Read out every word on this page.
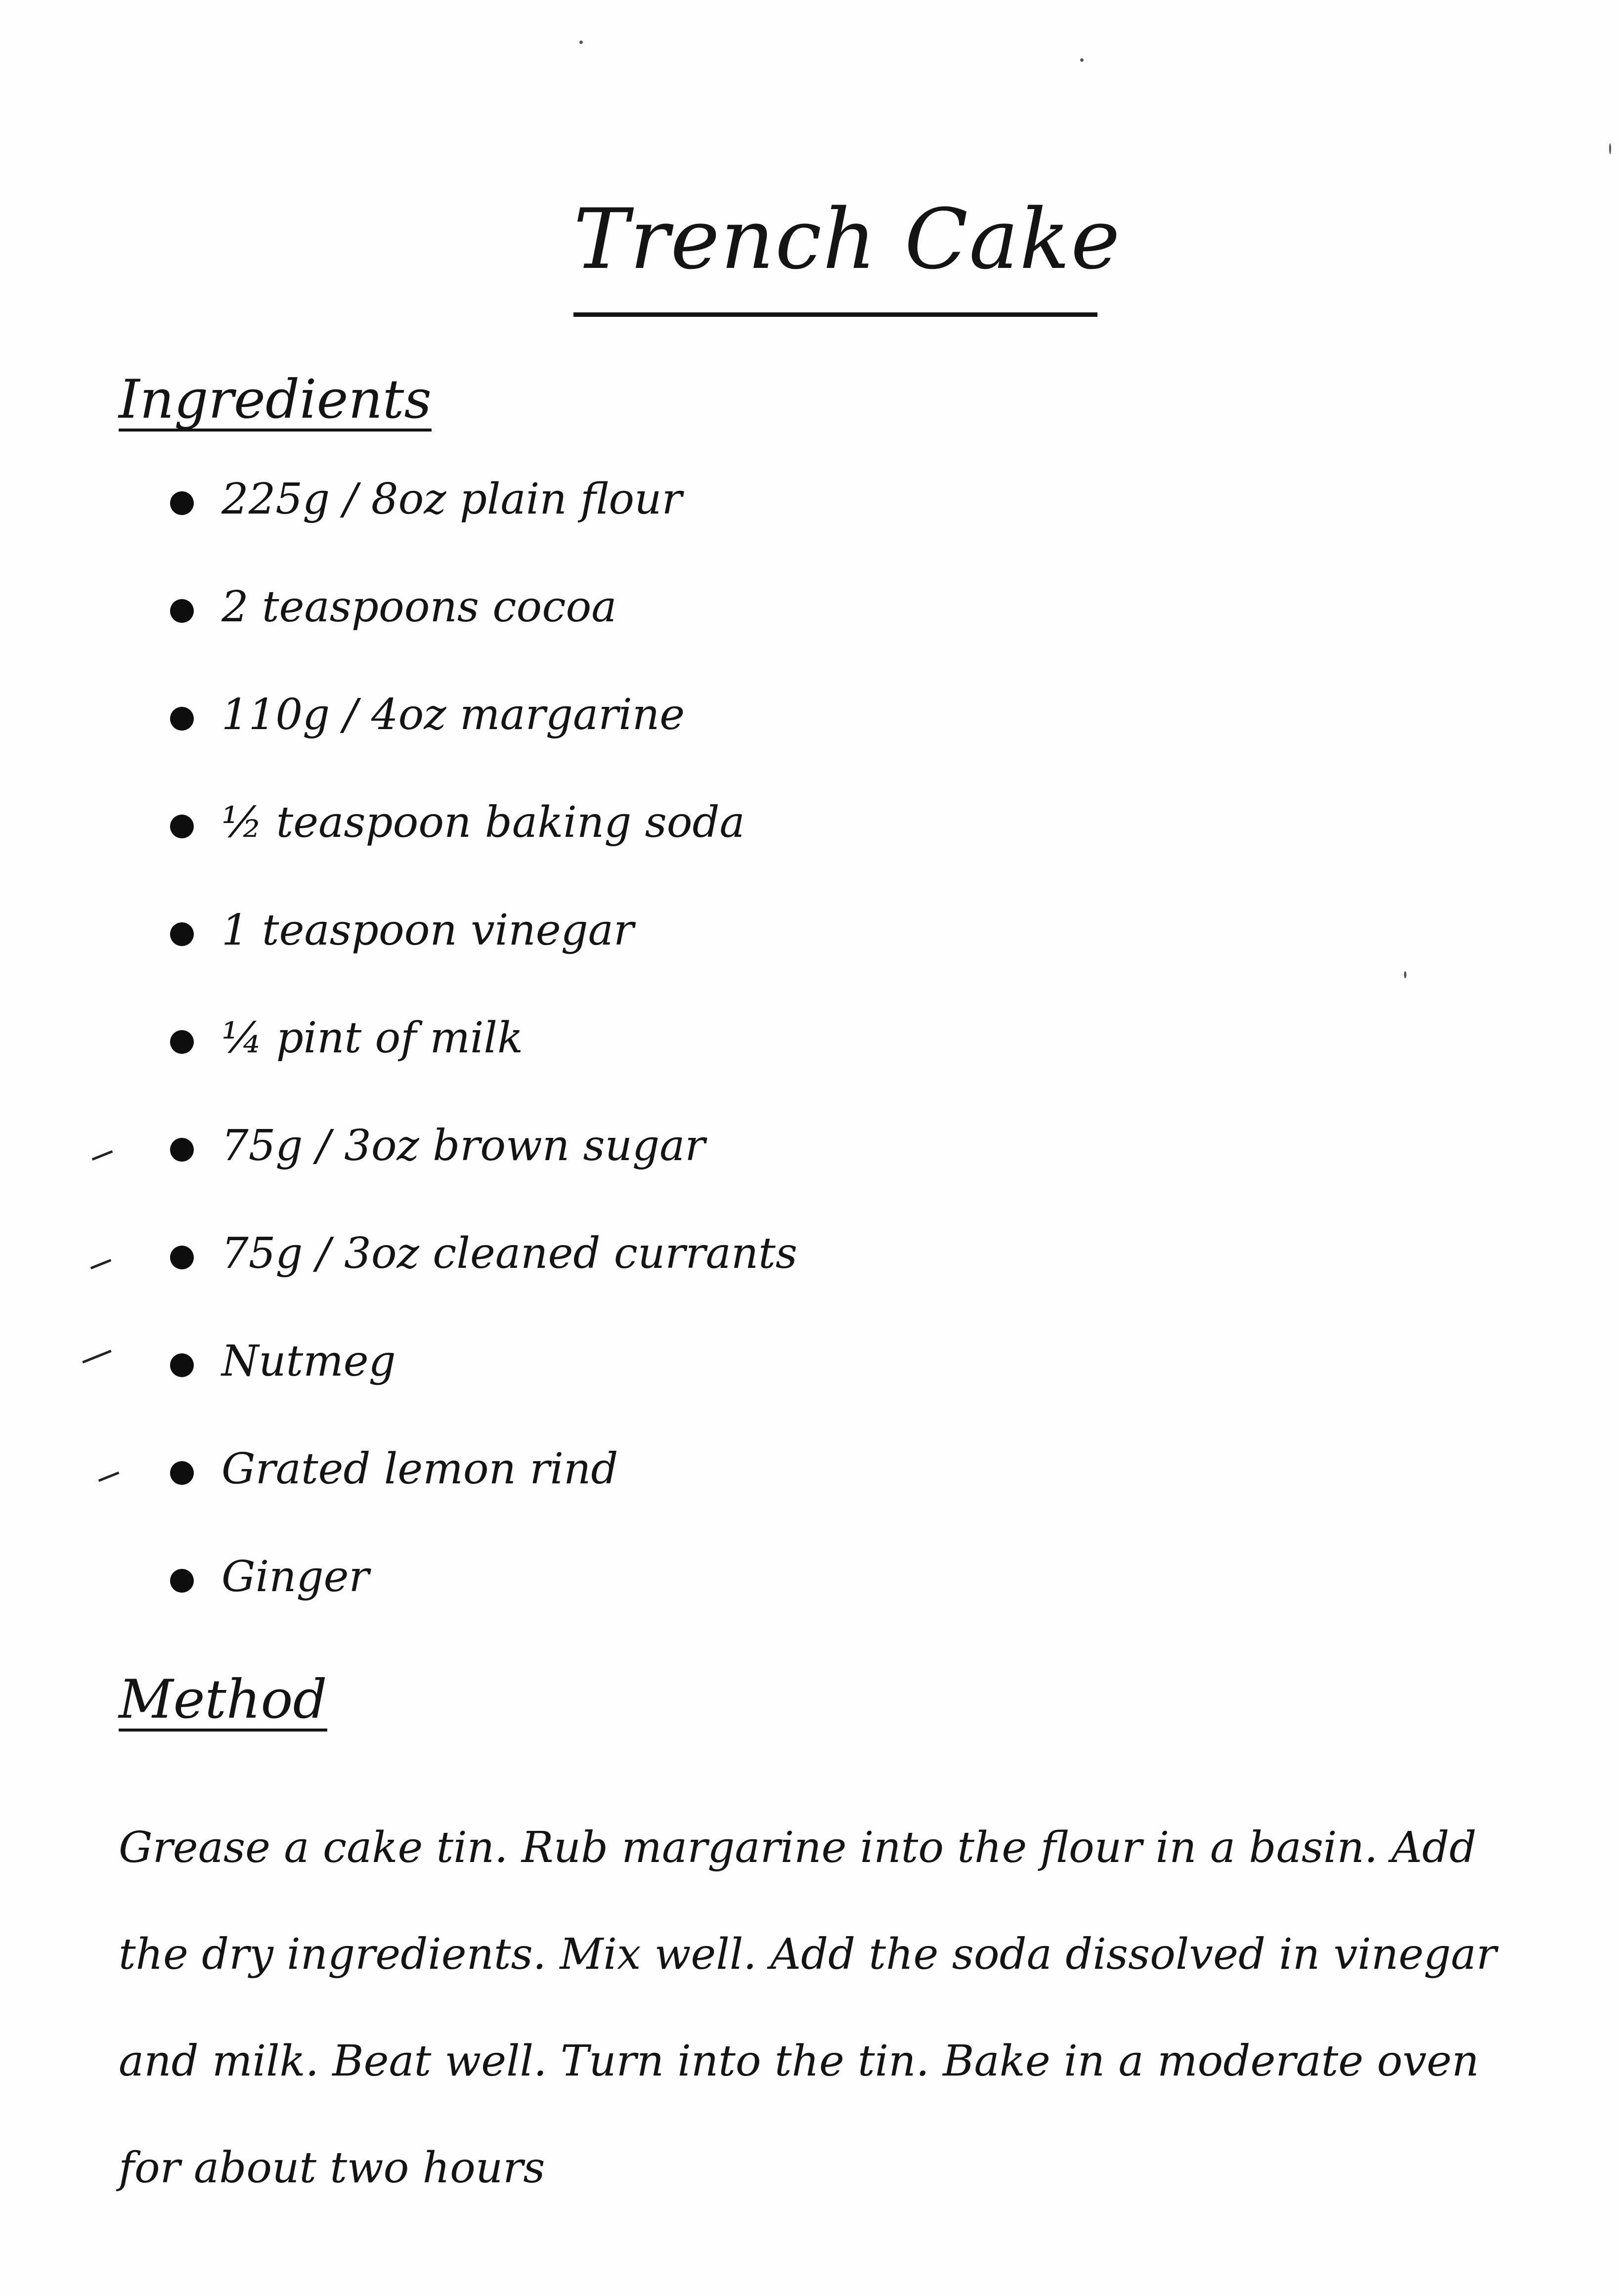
Trench Cake
Ingredients
225g / 8oz plain flour
2 teaspoons cocoa
110g / 4oz margarine
½ teaspoon baking soda
1 teaspoon vinegar
¼ pint of milk
75g / 3oz brown sugar
75g / 3oz cleaned currants
Nutmeg
Grated lemon rind
Ginger
Method

Grease a cake tin. Rub margarine into the flour in a basin. Add the dry ingredients. Mix well. Add the soda dissolved in vinegar and milk. Beat well. Turn into the tin. Bake in a moderate oven for about two hours
